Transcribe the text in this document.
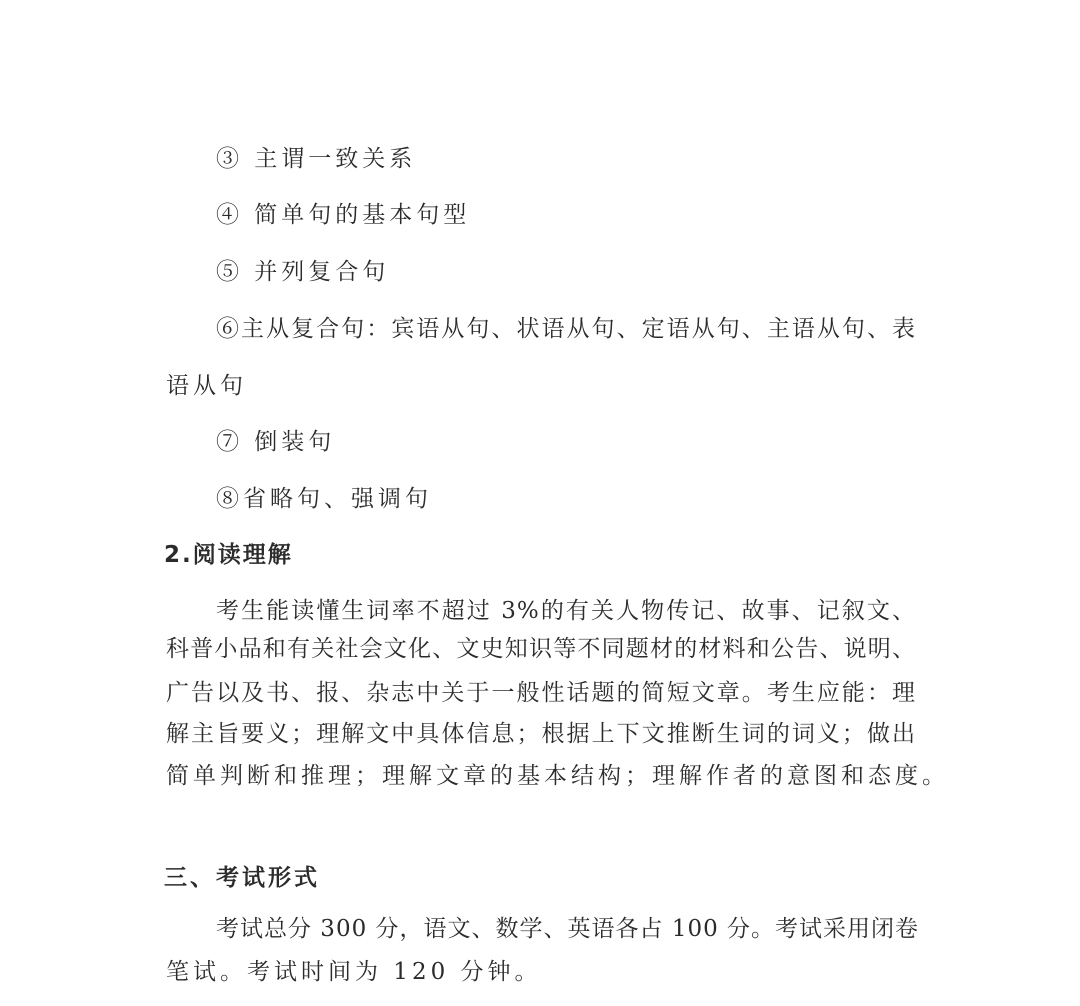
③ 主谓一致关系
④ 简单句的基本句型
⑤ 并列复合句
⑥主从复合句：宾语从句、状语从句、定语从句、主语从句、表
语从句
⑦ 倒装句
⑧省略句、强调句
2.阅读理解
考生能读懂生词率不超过 3%的有关人物传记、故事、记叙文、
科普小品和有关社会文化、文史知识等不同题材的材料和公告、说明、
广告以及书、报、杂志中关于一般性话题的简短文章。考生应能：理
解主旨要义；理解文中具体信息；根据上下文推断生词的词义；做出
简单判断和推理；理解文章的基本结构；理解作者的意图和态度。
三、考试形式
考试总分 300 分，语文、数学、英语各占 100 分。考试采用闭卷
笔试。考试时间为 120 分钟。
